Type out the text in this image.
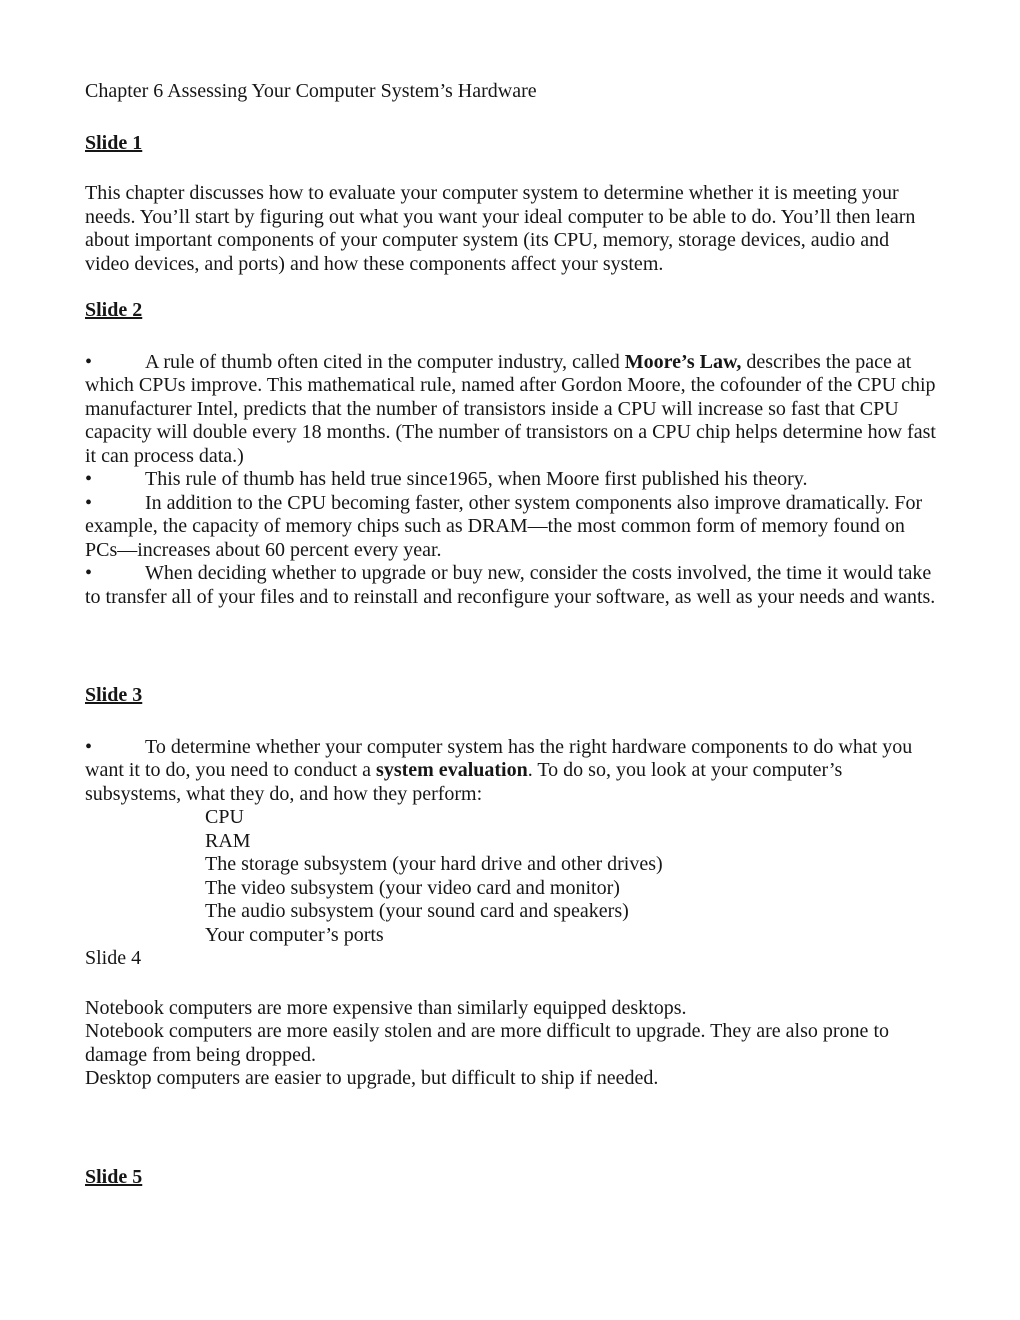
Chapter 6 Assessing Your Computer System’s Hardware

Slide 1

This chapter discusses how to evaluate your computer system to determine whether it is meeting your needs. You’ll start by figuring out what you want your ideal computer to be able to do. You’ll then learn about important components of your computer system (its CPU, memory, storage devices, audio and video devices, and ports) and how these components affect your system.

Slide 2

•	A rule of thumb often cited in the computer industry, called Moore’s Law, describes the pace at which CPUs improve. This mathematical rule, named after Gordon Moore, the cofounder of the CPU chip manufacturer Intel, predicts that the number of transistors inside a CPU will increase so fast that CPU capacity will double every 18 months. (The number of transistors on a CPU chip helps determine how fast it can process data.)

•	This rule of thumb has held true since1965, when Moore first published his theory.

•	In addition to the CPU becoming faster, other system components also improve dramatically. For example, the capacity of memory chips such as DRAM—the most common form of memory found on PCs—increases about 60 percent every year.

•	When deciding whether to upgrade or buy new, consider the costs involved, the time it would take to transfer all of your files and to reinstall and reconfigure your software, as well as your needs and wants.

Slide 3

•	To determine whether your computer system has the right hardware components to do what you want it to do, you need to conduct a system evaluation. To do so, you look at your computer’s subsystems, what they do, and how they perform:

CPU

RAM

The storage subsystem (your hard drive and other drives)

The video subsystem (your video card and monitor)

The audio subsystem (your sound card and speakers)

Your computer’s ports

Slide 4

Notebook computers are more expensive than similarly equipped desktops.

Notebook computers are more easily stolen and are more difficult to upgrade. They are also prone to damage from being dropped.

Desktop computers are easier to upgrade, but difficult to ship if needed.

Slide 5
